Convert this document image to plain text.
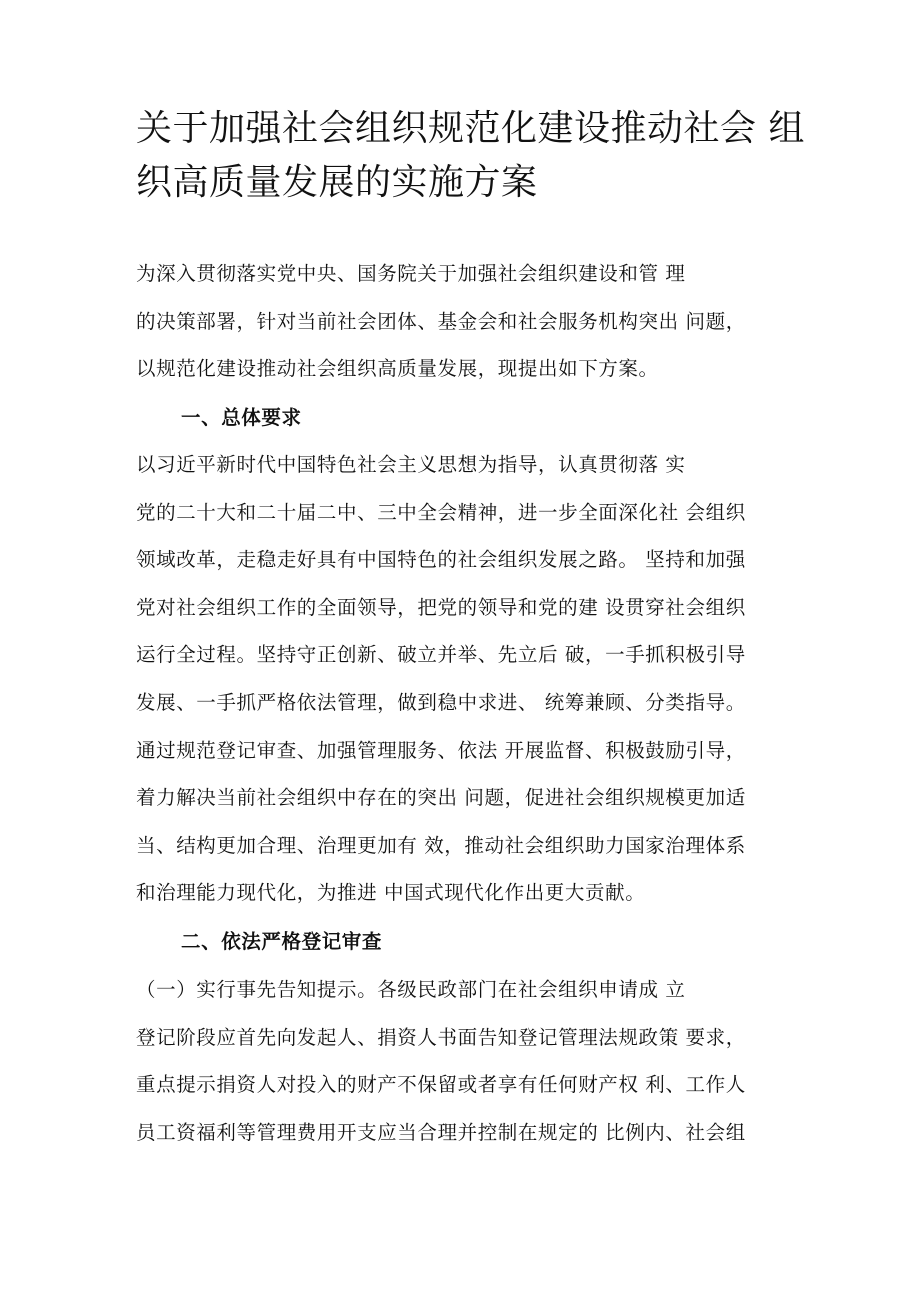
关于加强社会组织规范化建设推动社会 组
织高质量发展的实施方案

为深入贯彻落实党中央、国务院关于加强社会组织建设和管 理
的决策部署，针对当前社会团体、基金会和社会服务机构突出 问题，
以规范化建设推动社会组织高质量发展，现提出如下方案。

一、总体要求

以习近平新时代中国特色社会主义思想为指导，认真贯彻落 实
党的二十大和二十届二中、三中全会精神，进一步全面深化社 会组织
领域改革，走稳走好具有中国特色的社会组织发展之路。 坚持和加强
党对社会组织工作的全面领导，把党的领导和党的建 设贯穿社会组织
运行全过程。坚持守正创新、破立并举、先立后 破，一手抓积极引导
发展、一手抓严格依法管理，做到稳中求进、 统筹兼顾、分类指导。
通过规范登记审查、加强管理服务、依法 开展监督、积极鼓励引导，
着力解决当前社会组织中存在的突出 问题，促进社会组织规模更加适
当、结构更加合理、治理更加有 效，推动社会组织助力国家治理体系
和治理能力现代化，为推进 中国式现代化作出更大贡献。

二、依法严格登记审查

（一）实行事先告知提示。各级民政部门在社会组织申请成 立
登记阶段应首先向发起人、捐资人书面告知登记管理法规政策 要求，
重点提示捐资人对投入的财产不保留或者享有任何财产权 利、工作人
员工资福利等管理费用开支应当合理并控制在规定的 比例内、社会组
